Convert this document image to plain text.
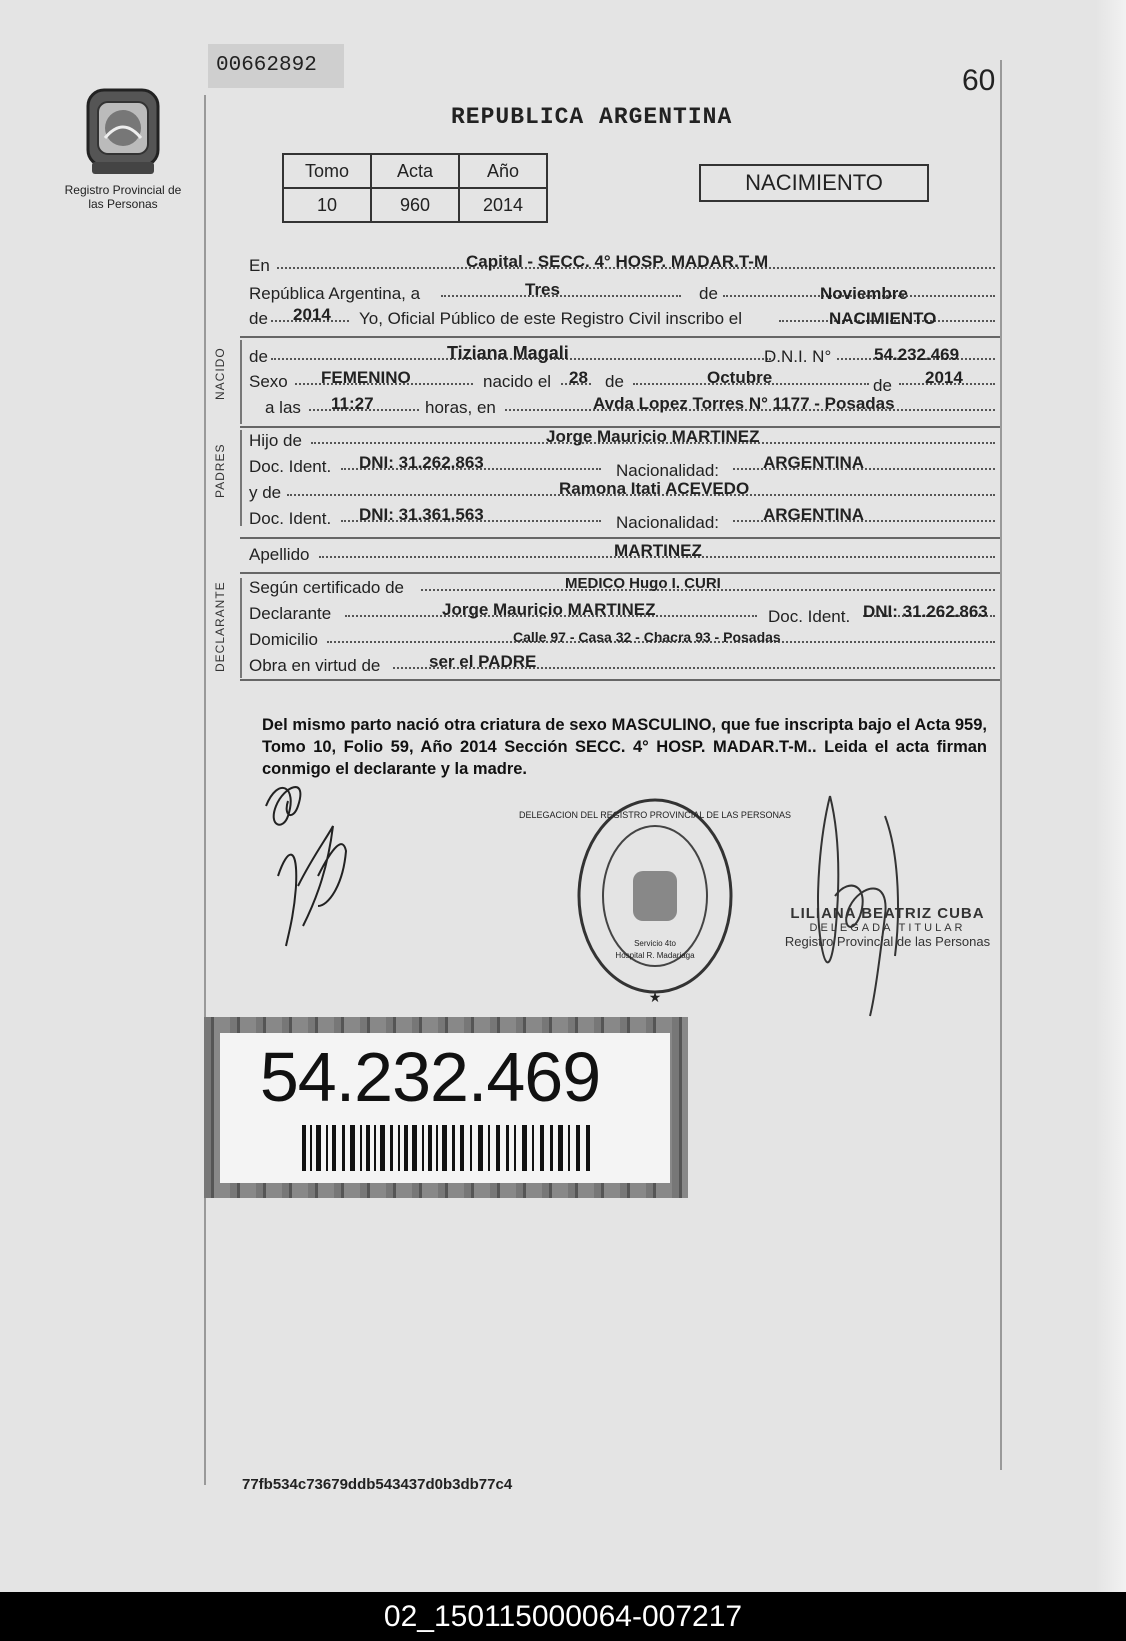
00662892	60
Registro Provincial de las Personas
REPUBLICA ARGENTINA
Tomo	Acta	Año
10	960	2014
NACIMIENTO
En	Capital - SECC. 4° HOSP. MADAR.T-M
República Argentina, a	Tres	de	Noviembre
de 2014 Yo, Oficial Público de este Registro Civil inscribo el	NACIMIENTO
NACIDO de	Tiziana Magali	D.N.I. N°	54.232.469
Sexo FEMENINO	nacido el 28 de	Octubre	de 2014
a las 11:27	horas, en	Avda Lopez Torres N° 1177 - Posadas
PADRES
Hijo de	Jorge Mauricio MARTINEZ
Doc. Ident. DNI: 31.262.863	Nacionalidad:	ARGENTINA
y de	Ramona Itati ACEVEDO
Doc. Ident. DNI: 31.361.563	Nacionalidad:	ARGENTINA
Apellido	MARTINEZ
DECLARANTE Según certificado de	MEDICO Hugo I. CURI
Declarante	Jorge Mauricio MARTINEZ	Doc. Ident. DNI: 31.262.863
Domicilio	Calle 97 - Casa 32 - Chacra 93 - Posadas
Obra en virtud de	ser el PADRE
Del mismo parto nació otra criatura de sexo MASCULINO, que fue inscripta bajo el Acta 959, Tomo 10, Folio 59, Año 2014 Sección SECC. 4° HOSP. MADAR.T-M.. Leida el acta firman conmigo el declarante y la madre.
DELEGACION DEL REGISTRO PROVINCIAL DE LAS PERSONAS
Servicio 4to
Hospital R. Madariaga
★
LILIANA BEATRIZ CUBA
DELEGADA TITULAR
Registro Provincial de las Personas
54.232.469
77fb534c73679ddb543437d0b3db77c4
02_150115000064-007217
